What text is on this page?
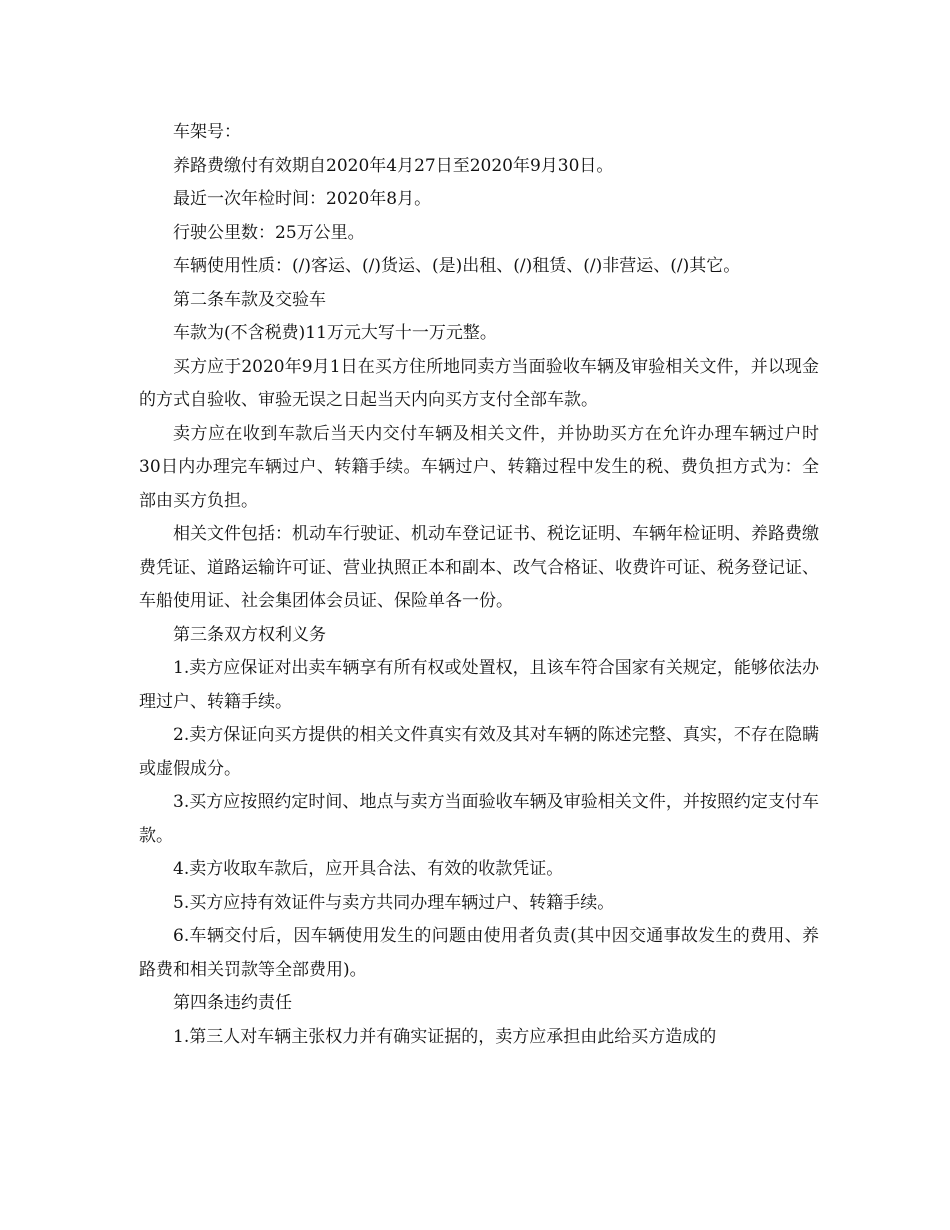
车架号：

养路费缴付有效期自2020年4月27日至2020年9月30日。

最近一次年检时间：2020年8月。

行驶公里数：25万公里。

车辆使用性质：(/)客运、(/)货运、(是)出租、(/)租赁、(/)非营运、(/)其它。

第二条车款及交验车

车款为(不含税费)11万元大写十一万元整。

买方应于2020年9月1日在买方住所地同卖方当面验收车辆及审验相关文件，并以现金的方式自验收、审验无误之日起当天内向买方支付全部车款。

卖方应在收到车款后当天内交付车辆及相关文件，并协助买方在允许办理车辆过户时30日内办理完车辆过户、转籍手续。车辆过户、转籍过程中发生的税、费负担方式为：全部由买方负担。

相关文件包括：机动车行驶证、机动车登记证书、税讫证明、车辆年检证明、养路费缴费凭证、道路运输许可证、营业执照正本和副本、改气合格证、收费许可证、税务登记证、车船使用证、社会集团体会员证、保险单各一份。

第三条双方权利义务

1.卖方应保证对出卖车辆享有所有权或处置权，且该车符合国家有关规定，能够依法办理过户、转籍手续。

2.卖方保证向买方提供的相关文件真实有效及其对车辆的陈述完整、真实，不存在隐瞒或虚假成分。

3.买方应按照约定时间、地点与卖方当面验收车辆及审验相关文件，并按照约定支付车款。

4.卖方收取车款后，应开具合法、有效的收款凭证。

5.买方应持有效证件与卖方共同办理车辆过户、转籍手续。

6.车辆交付后，因车辆使用发生的问题由使用者负责(其中因交通事故发生的费用、养路费和相关罚款等全部费用)。

第四条违约责任

1.第三人对车辆主张权力并有确实证据的，卖方应承担由此给买方造成的
